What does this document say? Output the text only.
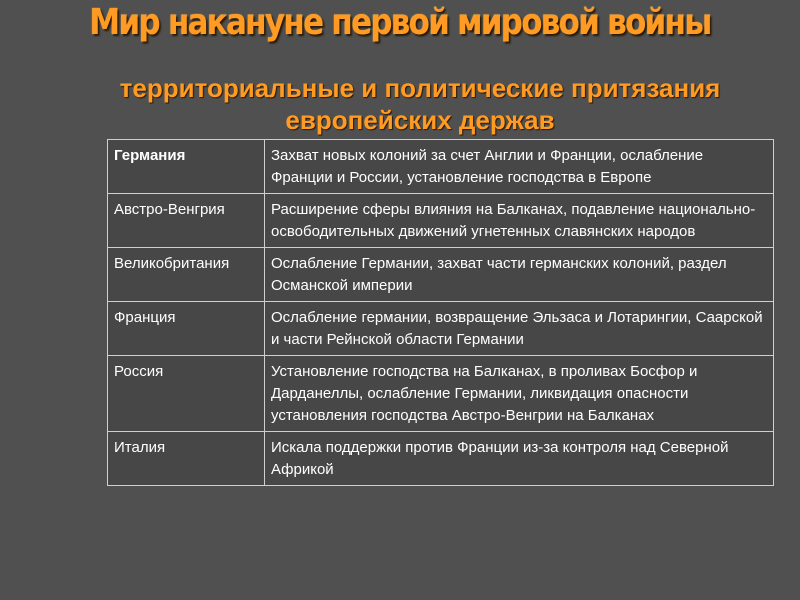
Мир накануне первой мировой войны
территориальные и политические притязания
европейских держав
Германия	Захват новых колоний за счет Англии и Франции, ослабление Франции и России, установление господства в Европе
Австро-Венгрия	Расширение сферы влияния на Балканах, подавление национально-освободительных движений угнетенных славянских народов
Великобритания	Ослабление Германии, захват части германских колоний, раздел Османской империи
Франция	Ослабление германии, возвращение Эльзаса и Лотарингии, Саарской и части Рейнской области Германии
Россия	Установление господства на Балканах, в проливах Босфор и Дарданеллы, ослабление Германии, ликвидация опасности установления господства Австро-Венгрии на Балканах
Италия	Искала поддержки против Франции из-за контроля над Северной Африкой
